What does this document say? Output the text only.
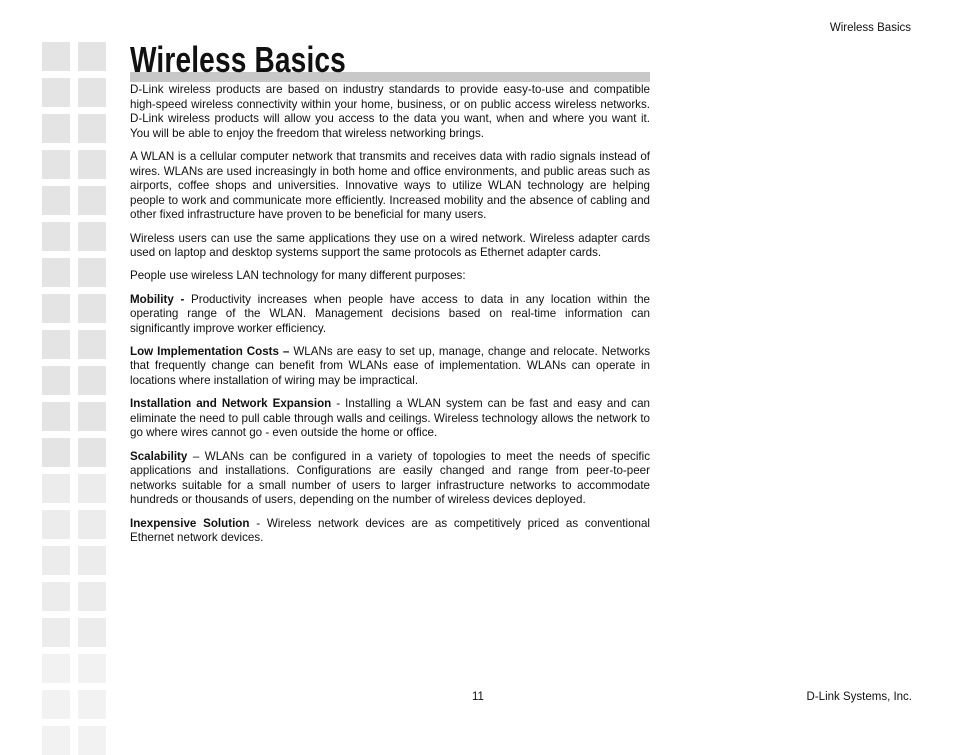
Wireless Basics
Wireless Basics

D-Link wireless products are based on industry standards to provide easy-to-use and compatible high-speed wireless connectivity within your home, business, or on public access wireless networks. D-Link wireless products will allow you access to the data you want, when and where you want it. You will be able to enjoy the freedom that wireless networking brings.

A WLAN is a cellular computer network that transmits and receives data with radio signals instead of wires. WLANs are used increasingly in both home and office environments, and public areas such as airports, coffee shops and universities. Innovative ways to utilize WLAN technology are helping people to work and communicate more efficiently. Increased mobility and the absence of cabling and other fixed infrastructure have proven to be beneficial for many users.

Wireless users can use the same applications they use on a wired network. Wireless adapter cards used on laptop and desktop systems support the same protocols as Ethernet adapter cards.

People use wireless LAN technology for many different purposes:

Mobility - Productivity increases when people have access to data in any location within the operating range of the WLAN. Management decisions based on real-time information can significantly improve worker efficiency.

Low Implementation Costs – WLANs are easy to set up, manage, change and relocate. Networks that frequently change can benefit from WLANs ease of implementation. WLANs can operate in locations where installation of wiring may be impractical.

Installation and Network Expansion - Installing a WLAN system can be fast and easy and can eliminate the need to pull cable through walls and ceilings. Wireless technology allows the network to go where wires cannot go - even outside the home or office.

Scalability – WLANs can be configured in a variety of topologies to meet the needs of specific applications and installations. Configurations are easily changed and range from peer-to-peer networks suitable for a small number of users to larger infrastructure networks to accommodate hundreds or thousands of users, depending on the number of wireless devices deployed.

Inexpensive Solution - Wireless network devices are as competitively priced as conventional Ethernet network devices.

11	D-Link Systems, Inc.
